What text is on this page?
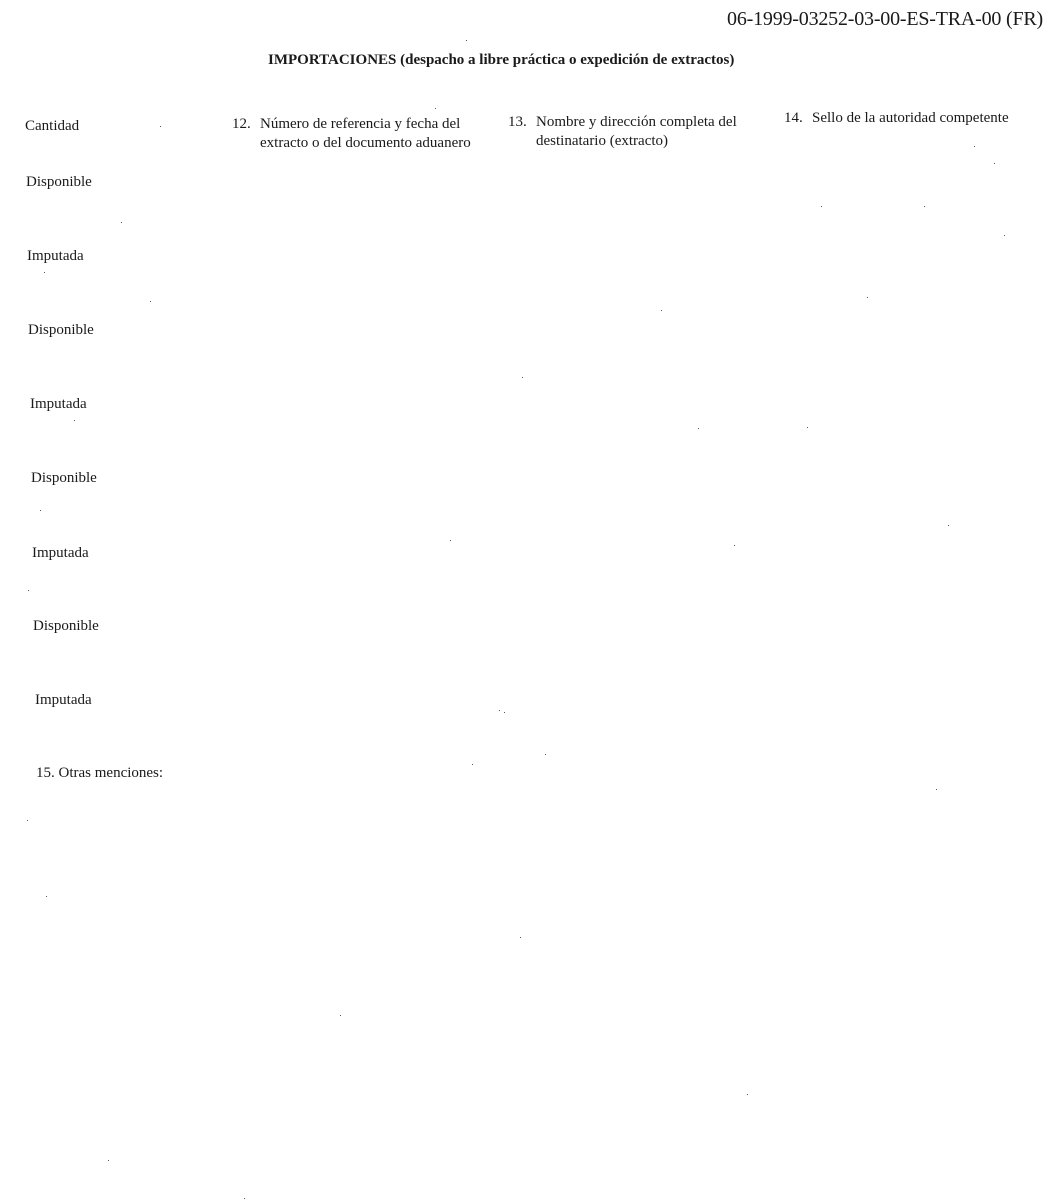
06-1999-03252-03-00-ES-TRA-00 (FR)
IMPORTACIONES (despacho a libre práctica o expedición de extractos)
Cantidad	12. Número de referencia y fecha del
extracto o del documento aduanero
13. Nombre y dirección completa del
destinatario (extracto)
14. Sello de la autoridad competente
Disponible
Imputada
Disponible
Imputada
Disponible
Imputada
Disponible
Imputada
15. Otras menciones:
